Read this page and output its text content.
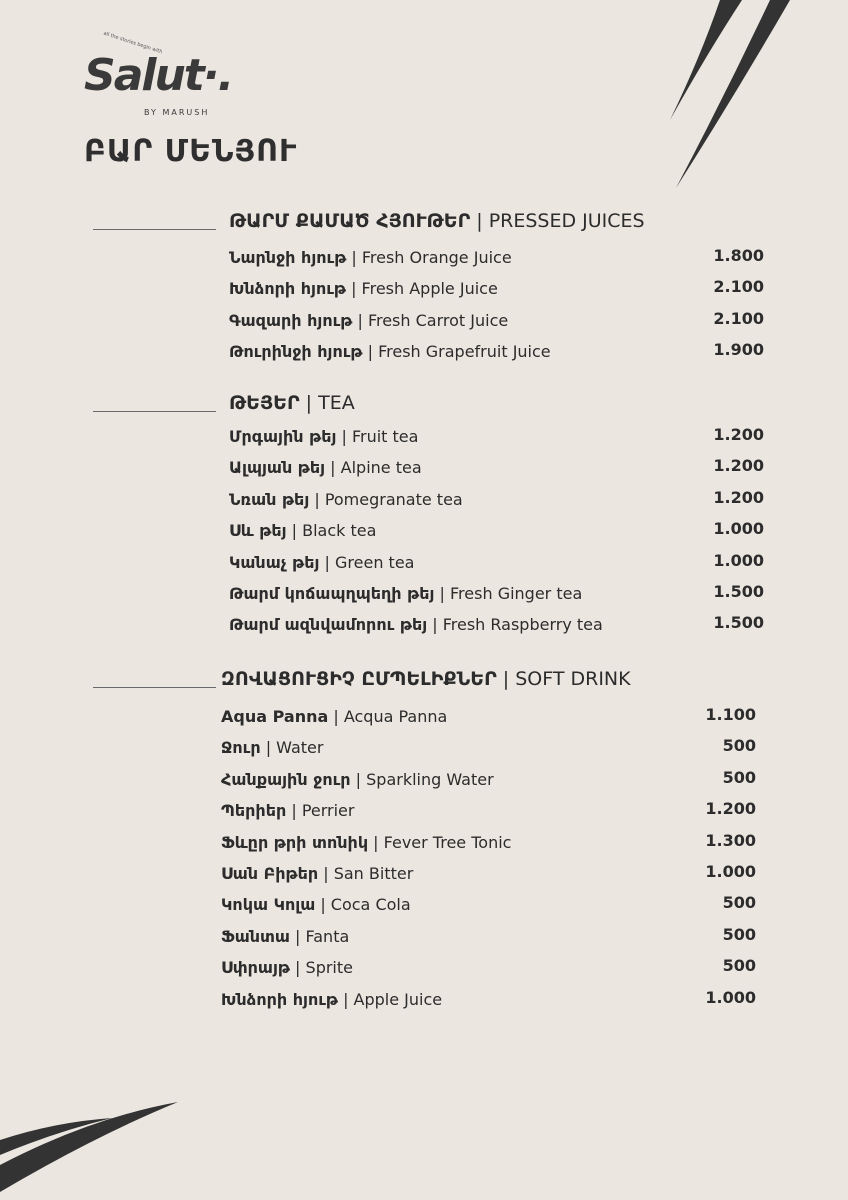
all the stories begin with
Salut·.
BY MARUSH
ԲԱՐ ՄԵՆՅՈՒ
ԹԱՐՄ ՔԱՄԱԾ ՀՅՈՒԹԵՐ | PRESSED JUICES
Նարնջի հյութ | Fresh Orange Juice	1.800
Խնձորի հյութ | Fresh Apple Juice	2.100
Գազարի հյութ | Fresh Carrot Juice	2.100
Թուրինջի հյութ | Fresh Grapefruit Juice	1.900
ԹԵՅԵՐ | TEA
Մրգային թեյ | Fruit tea	1.200
Ալպյան թեյ | Alpine tea	1.200
Նռան թեյ | Pomegranate tea	1.200
Սև թեյ | Black tea	1.000
Կանաչ թեյ | Green tea	1.000
Թարմ կոճապղպեղի թեյ | Fresh Ginger tea	1.500
Թարմ ազնվամորու թեյ | Fresh Raspberry tea	1.500
ԶՈՎԱՑՈՒՑԻՉ ԸՄՊԵԼԻՔՆԵՐ | SOFT DRINK
Aqua Panna | Acqua Panna	1.100
Ջուր | Water	500
Հանքային ջուր | Sparkling Water	500
Պերիեր | Perrier	1.200
Ֆևըր թրի տոնիկ | Fever Tree Tonic	1.300
Սան Բիթեր | San Bitter	1.000
Կոկա Կոլա | Coca Cola	500
Ֆանտա | Fanta	500
Սփրայթ | Sprite	500
Խնձորի հյութ | Apple Juice	1.000
